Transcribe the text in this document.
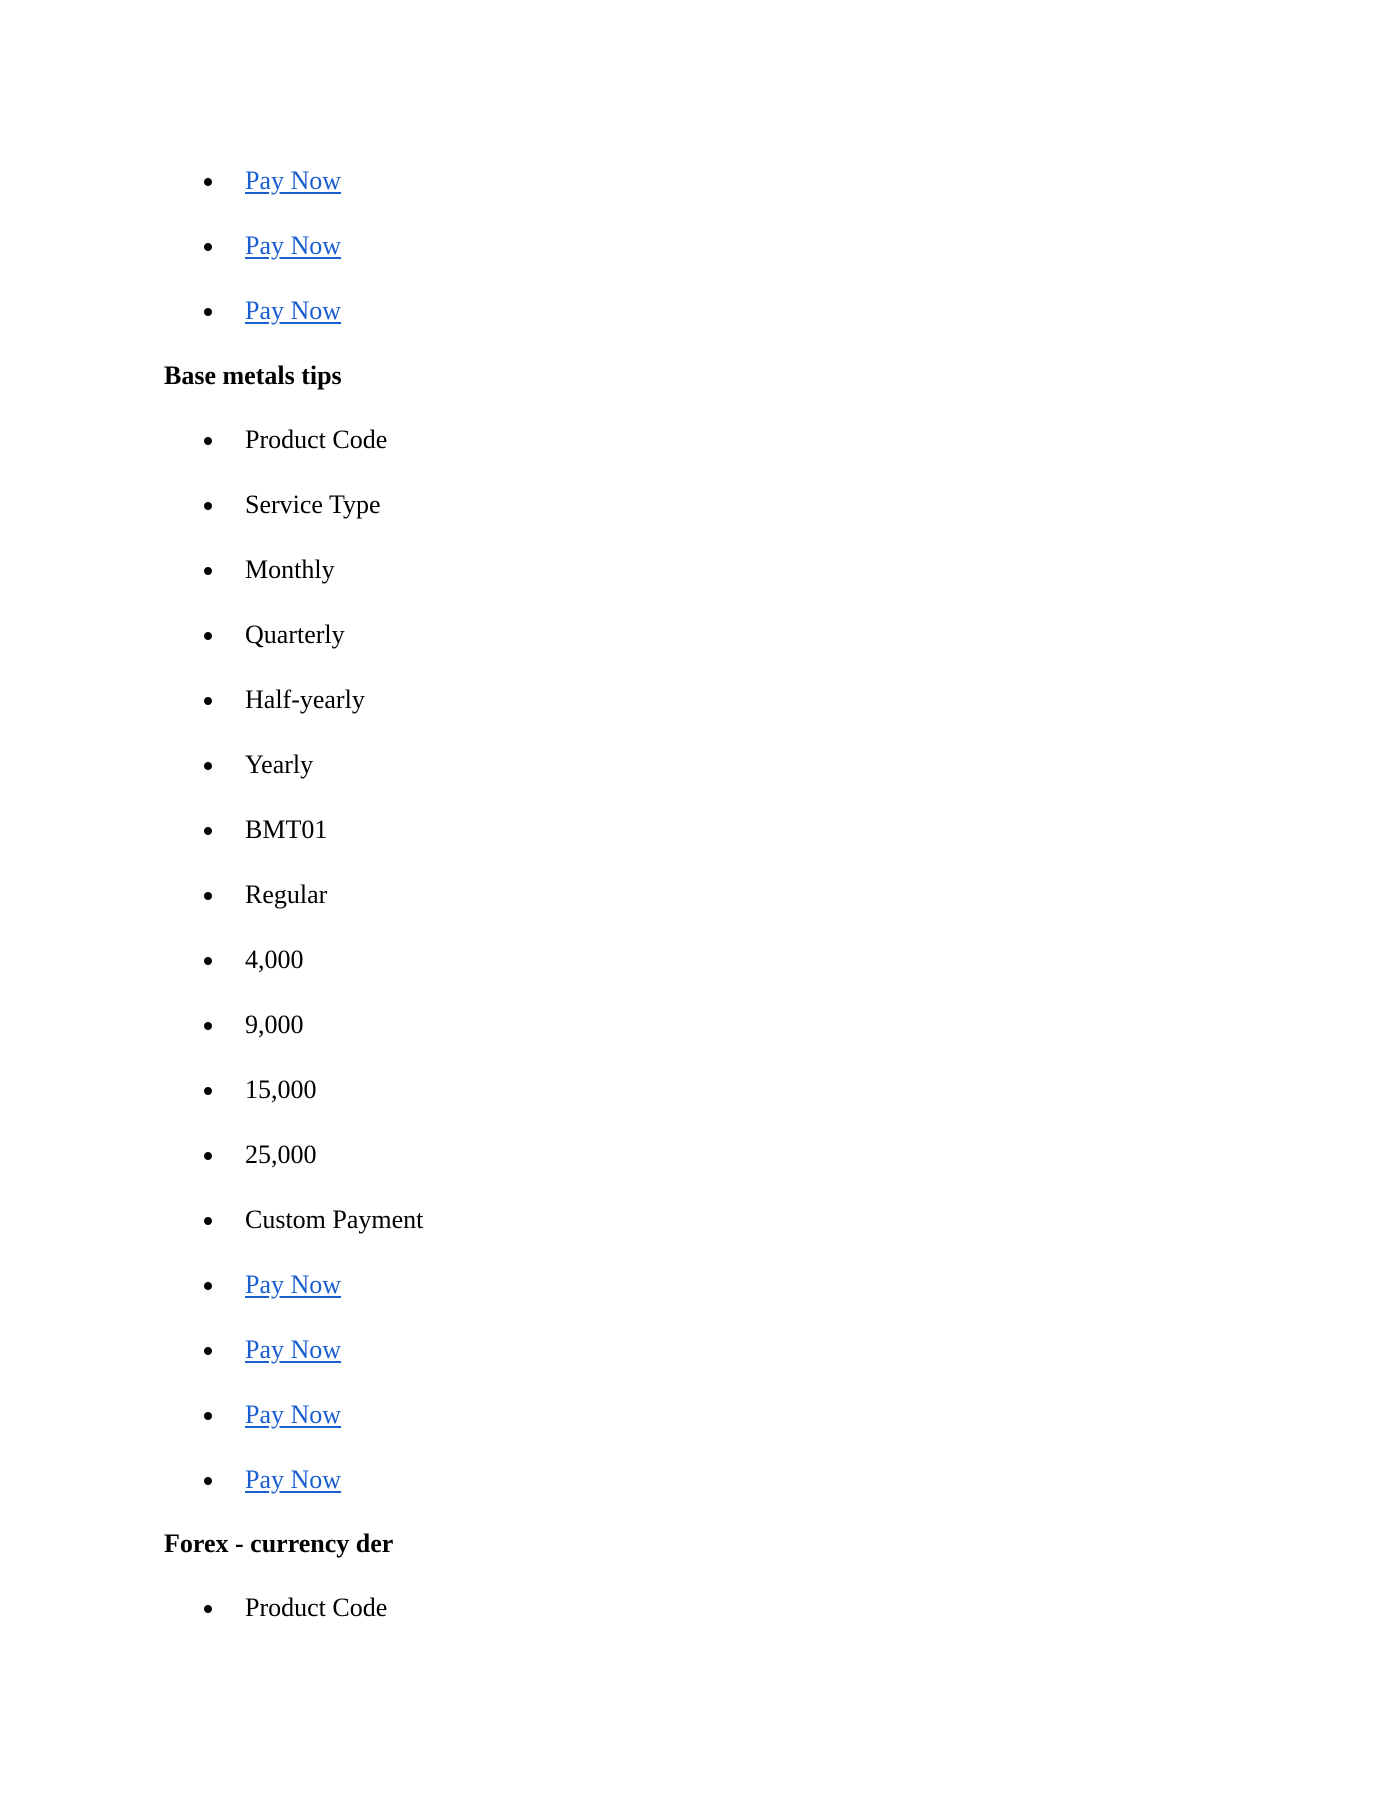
Pay Now
Pay Now
Pay Now
Base metals tips
Product Code
Service Type
Monthly
Quarterly
Half-yearly
Yearly
BMT01
Regular
4,000
9,000
15,000
25,000
Custom Payment
Pay Now
Pay Now
Pay Now
Pay Now
Forex - currency der
Product Code
